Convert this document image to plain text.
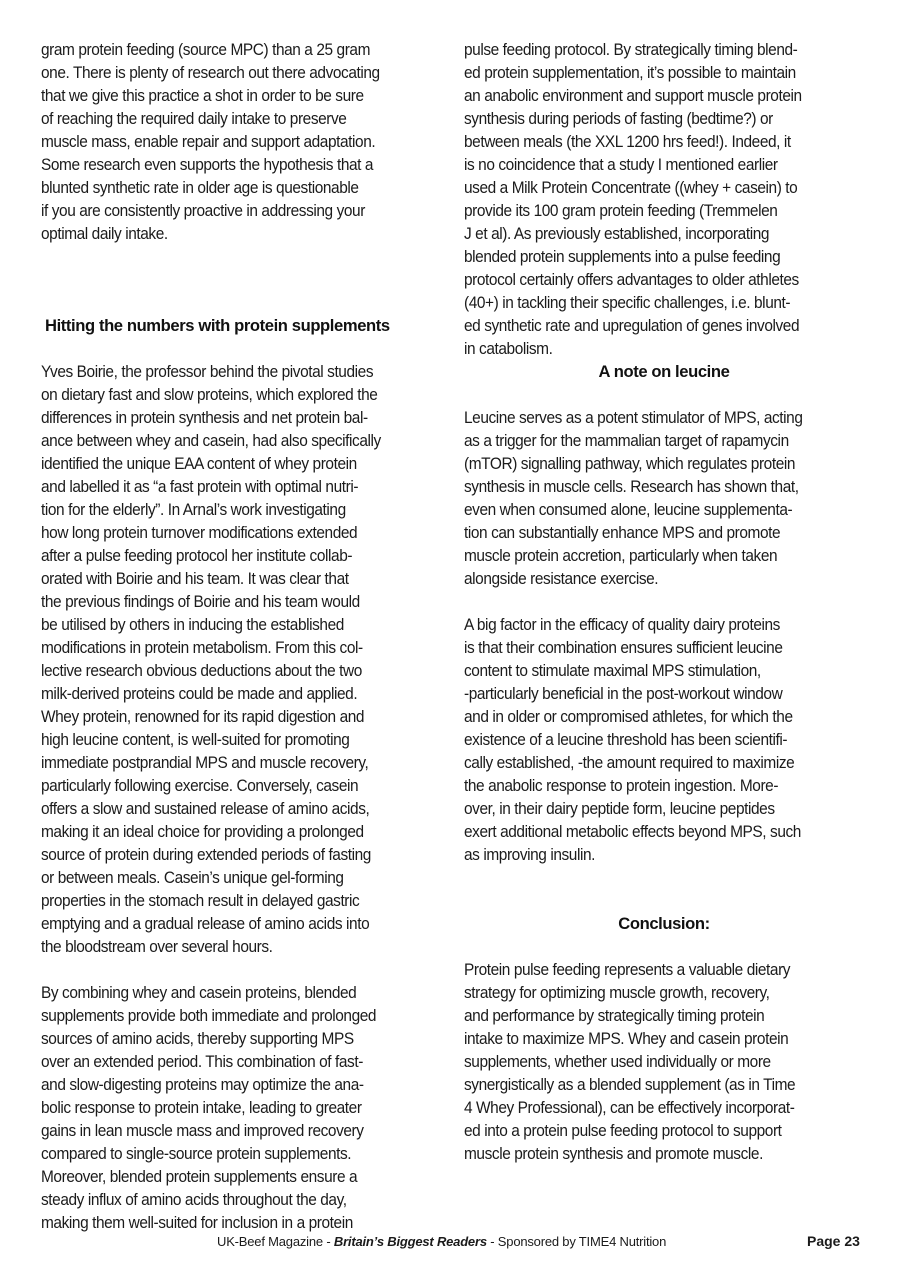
gram protein feeding (source MPC) than a 25 gram
one. There is plenty of research out there advocating
that we give this practice a shot in order to be sure
of reaching the required daily intake to preserve
muscle mass, enable repair and support adaptation.
Some research even supports the hypothesis that a
blunted synthetic rate in older age is questionable
if you are consistently proactive in addressing your
optimal daily intake.
Hitting the numbers with protein supplements
Yves Boirie, the professor behind the pivotal studies
on dietary fast and slow proteins, which explored the
differences in protein synthesis and net protein bal-
ance between whey and casein, had also specifically
identified the unique EAA content of whey protein
and labelled it as “a fast protein with optimal nutri-
tion for the elderly”. In Arnal’s work investigating
how long protein turnover modifications extended
after a pulse feeding protocol her institute collab-
orated with Boirie and his team. It was clear that
the previous findings of Boirie and his team would
be utilised by others in inducing the established
modifications in protein metabolism. From this col-
lective research obvious deductions about the two
milk-derived proteins could be made and applied.
Whey protein, renowned for its rapid digestion and
high leucine content, is well-suited for promoting
immediate postprandial MPS and muscle recovery,
particularly following exercise. Conversely, casein
offers a slow and sustained release of amino acids,
making it an ideal choice for providing a prolonged
source of protein during extended periods of fasting
or between meals. Casein’s unique gel-forming
properties in the stomach result in delayed gastric
emptying and a gradual release of amino acids into
the bloodstream over several hours.
By combining whey and casein proteins, blended
supplements provide both immediate and prolonged
sources of amino acids, thereby supporting MPS
over an extended period. This combination of fast-
and slow-digesting proteins may optimize the ana-
bolic response to protein intake, leading to greater
gains in lean muscle mass and improved recovery
compared to single-source protein supplements.
Moreover, blended protein supplements ensure a
steady influx of amino acids throughout the day,
making them well-suited for inclusion in a protein
pulse feeding protocol. By strategically timing blend-
ed protein supplementation, it’s possible to maintain
an anabolic environment and support muscle protein
synthesis during periods of fasting (bedtime?) or
between meals (the XXL 1200 hrs feed!). Indeed, it
is no coincidence that a study I mentioned earlier
used a Milk Protein Concentrate ((whey + casein) to
provide its 100 gram protein feeding (Tremmelen
J et al). As previously established, incorporating
blended protein supplements into a pulse feeding
protocol certainly offers advantages to older athletes
(40+) in tackling their specific challenges, i.e. blunt-
ed synthetic rate and upregulation of genes involved
in catabolism.
A note on leucine
Leucine serves as a potent stimulator of MPS, acting
as a trigger for the mammalian target of rapamycin
(mTOR) signalling pathway, which regulates protein
synthesis in muscle cells. Research has shown that,
even when consumed alone, leucine supplementa-
tion can substantially enhance MPS and promote
muscle protein accretion, particularly when taken
alongside resistance exercise.
A big factor in the efficacy of quality dairy proteins
is that their combination ensures sufficient leucine
content to stimulate maximal MPS stimulation,
-particularly beneficial in the post-workout window
and in older or compromised athletes, for which the
existence of a leucine threshold has been scientifi-
cally established, -the amount required to maximize
the anabolic response to protein ingestion. More-
over, in their dairy peptide form, leucine peptides
exert additional metabolic effects beyond MPS, such
as improving insulin.
Conclusion:
Protein pulse feeding represents a valuable dietary
strategy for optimizing muscle growth, recovery,
and performance by strategically timing protein
intake to maximize MPS. Whey and casein protein
supplements, whether used individually or more
synergistically as a blended supplement (as in Time
4 Whey Professional), can be effectively incorporat-
ed into a protein pulse feeding protocol to support
muscle protein synthesis and promote muscle.
UK-Beef Magazine - Britain’s Biggest Readers - Sponsored by TIME4 Nutrition	Page 23
